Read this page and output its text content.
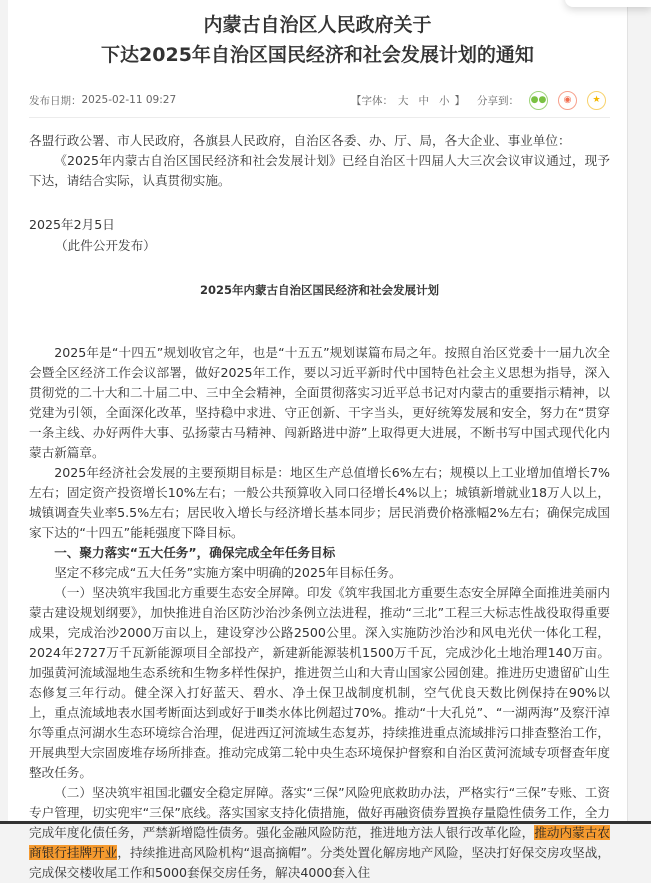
内蒙古自治区人民政府关于
下达2025年自治区国民经济和社会发展计划的通知
发布日期： 2025-02-11 09:27	【字体： 大 中 小 】 分享到： ●●	◉	★

各盟行政公署、市人民政府，各旗县人民政府，自治区各委、办、厅、局，各大企业、事业单位：

《2025年内蒙古自治区国民经济和社会发展计划》已经自治区十四届人大三次会议审议通过，现予下达，请结合实际，认真贯彻实施。

2025年2月5日

（此件公开发布）

2025年内蒙古自治区国民经济和社会发展计划

2025年是“十四五”规划收官之年，也是“十五五”规划谋篇布局之年。按照自治区党委十一届九次全会暨全区经济工作会议部署，做好2025年工作，要以习近平新时代中国特色社会主义思想为指导，深入贯彻党的二十大和二十届二中、三中全会精神，全面贯彻落实习近平总书记对内蒙古的重要指示精神，以党建为引领，全面深化改革，坚持稳中求进、守正创新、干字当头，更好统筹发展和安全，努力在“贯穿一条主线、办好两件大事、弘扬蒙古马精神、闯新路进中游”上取得更大进展，不断书写中国式现代化内蒙古新篇章。

2025年经济社会发展的主要预期目标是：地区生产总值增长6%左右；规模以上工业增加值增长7%左右；固定资产投资增长10%左右；一般公共预算收入同口径增长4%以上；城镇新增就业18万人以上，城镇调查失业率5.5%左右；居民收入增长与经济增长基本同步；居民消费价格涨幅2%左右；确保完成国家下达的“十四五”能耗强度下降目标。

一、聚力落实“五大任务”，确保完成全年任务目标

坚定不移完成“五大任务”实施方案中明确的2025年目标任务。

（一）坚决筑牢我国北方重要生态安全屏障。印发《筑牢我国北方重要生态安全屏障全面推进美丽内蒙古建设规划纲要》，加快推进自治区防沙治沙条例立法进程，推动“三北”工程三大标志性战役取得重要成果，完成治沙2000万亩以上，建设穿沙公路2500公里。深入实施防沙治沙和风电光伏一体化工程，2024年2727万千瓦新能源项目全部投产，新建新能源装机1500万千瓦，完成沙化土地治理140万亩。加强黄河流域湿地生态系统和生物多样性保护，推进贺兰山和大青山国家公园创建。推进历史遗留矿山生态修复三年行动。健全深入打好蓝天、碧水、净土保卫战制度机制，空气优良天数比例保持在90%以上，重点流域地表水国考断面达到或好于Ⅲ类水体比例超过70%。推动“十大孔兑”、“一湖两海”及察汗淖尔等重点河湖水生态环境综合治理，促进西辽河流域生态复苏，持续推进重点流域排污口排查整治工作，开展典型大宗固废堆存场所排查。推动完成第二轮中央生态环境保护督察和自治区黄河流域专项督查年度整改任务。

（二）坚决筑牢祖国北疆安全稳定屏障。落实“三保”风险兜底救助办法，严格实行“三保”专账、工资专户管理，切实兜牢“三保”底线。落实国家支持化债措施，做好再融资债券置换存量隐性债务工作，全力完成年度化债任务，严禁新增隐性债务。强化金融风险防范，推进地方法人银行改革化险，推动内蒙古农商银行挂牌开业，持续推进高风险机构“退高摘帽”。分类处置化解房地产风险，坚决打好保交房攻坚战，完成保交楼收尾工作和5000套保交房任务，解决4000套入住
